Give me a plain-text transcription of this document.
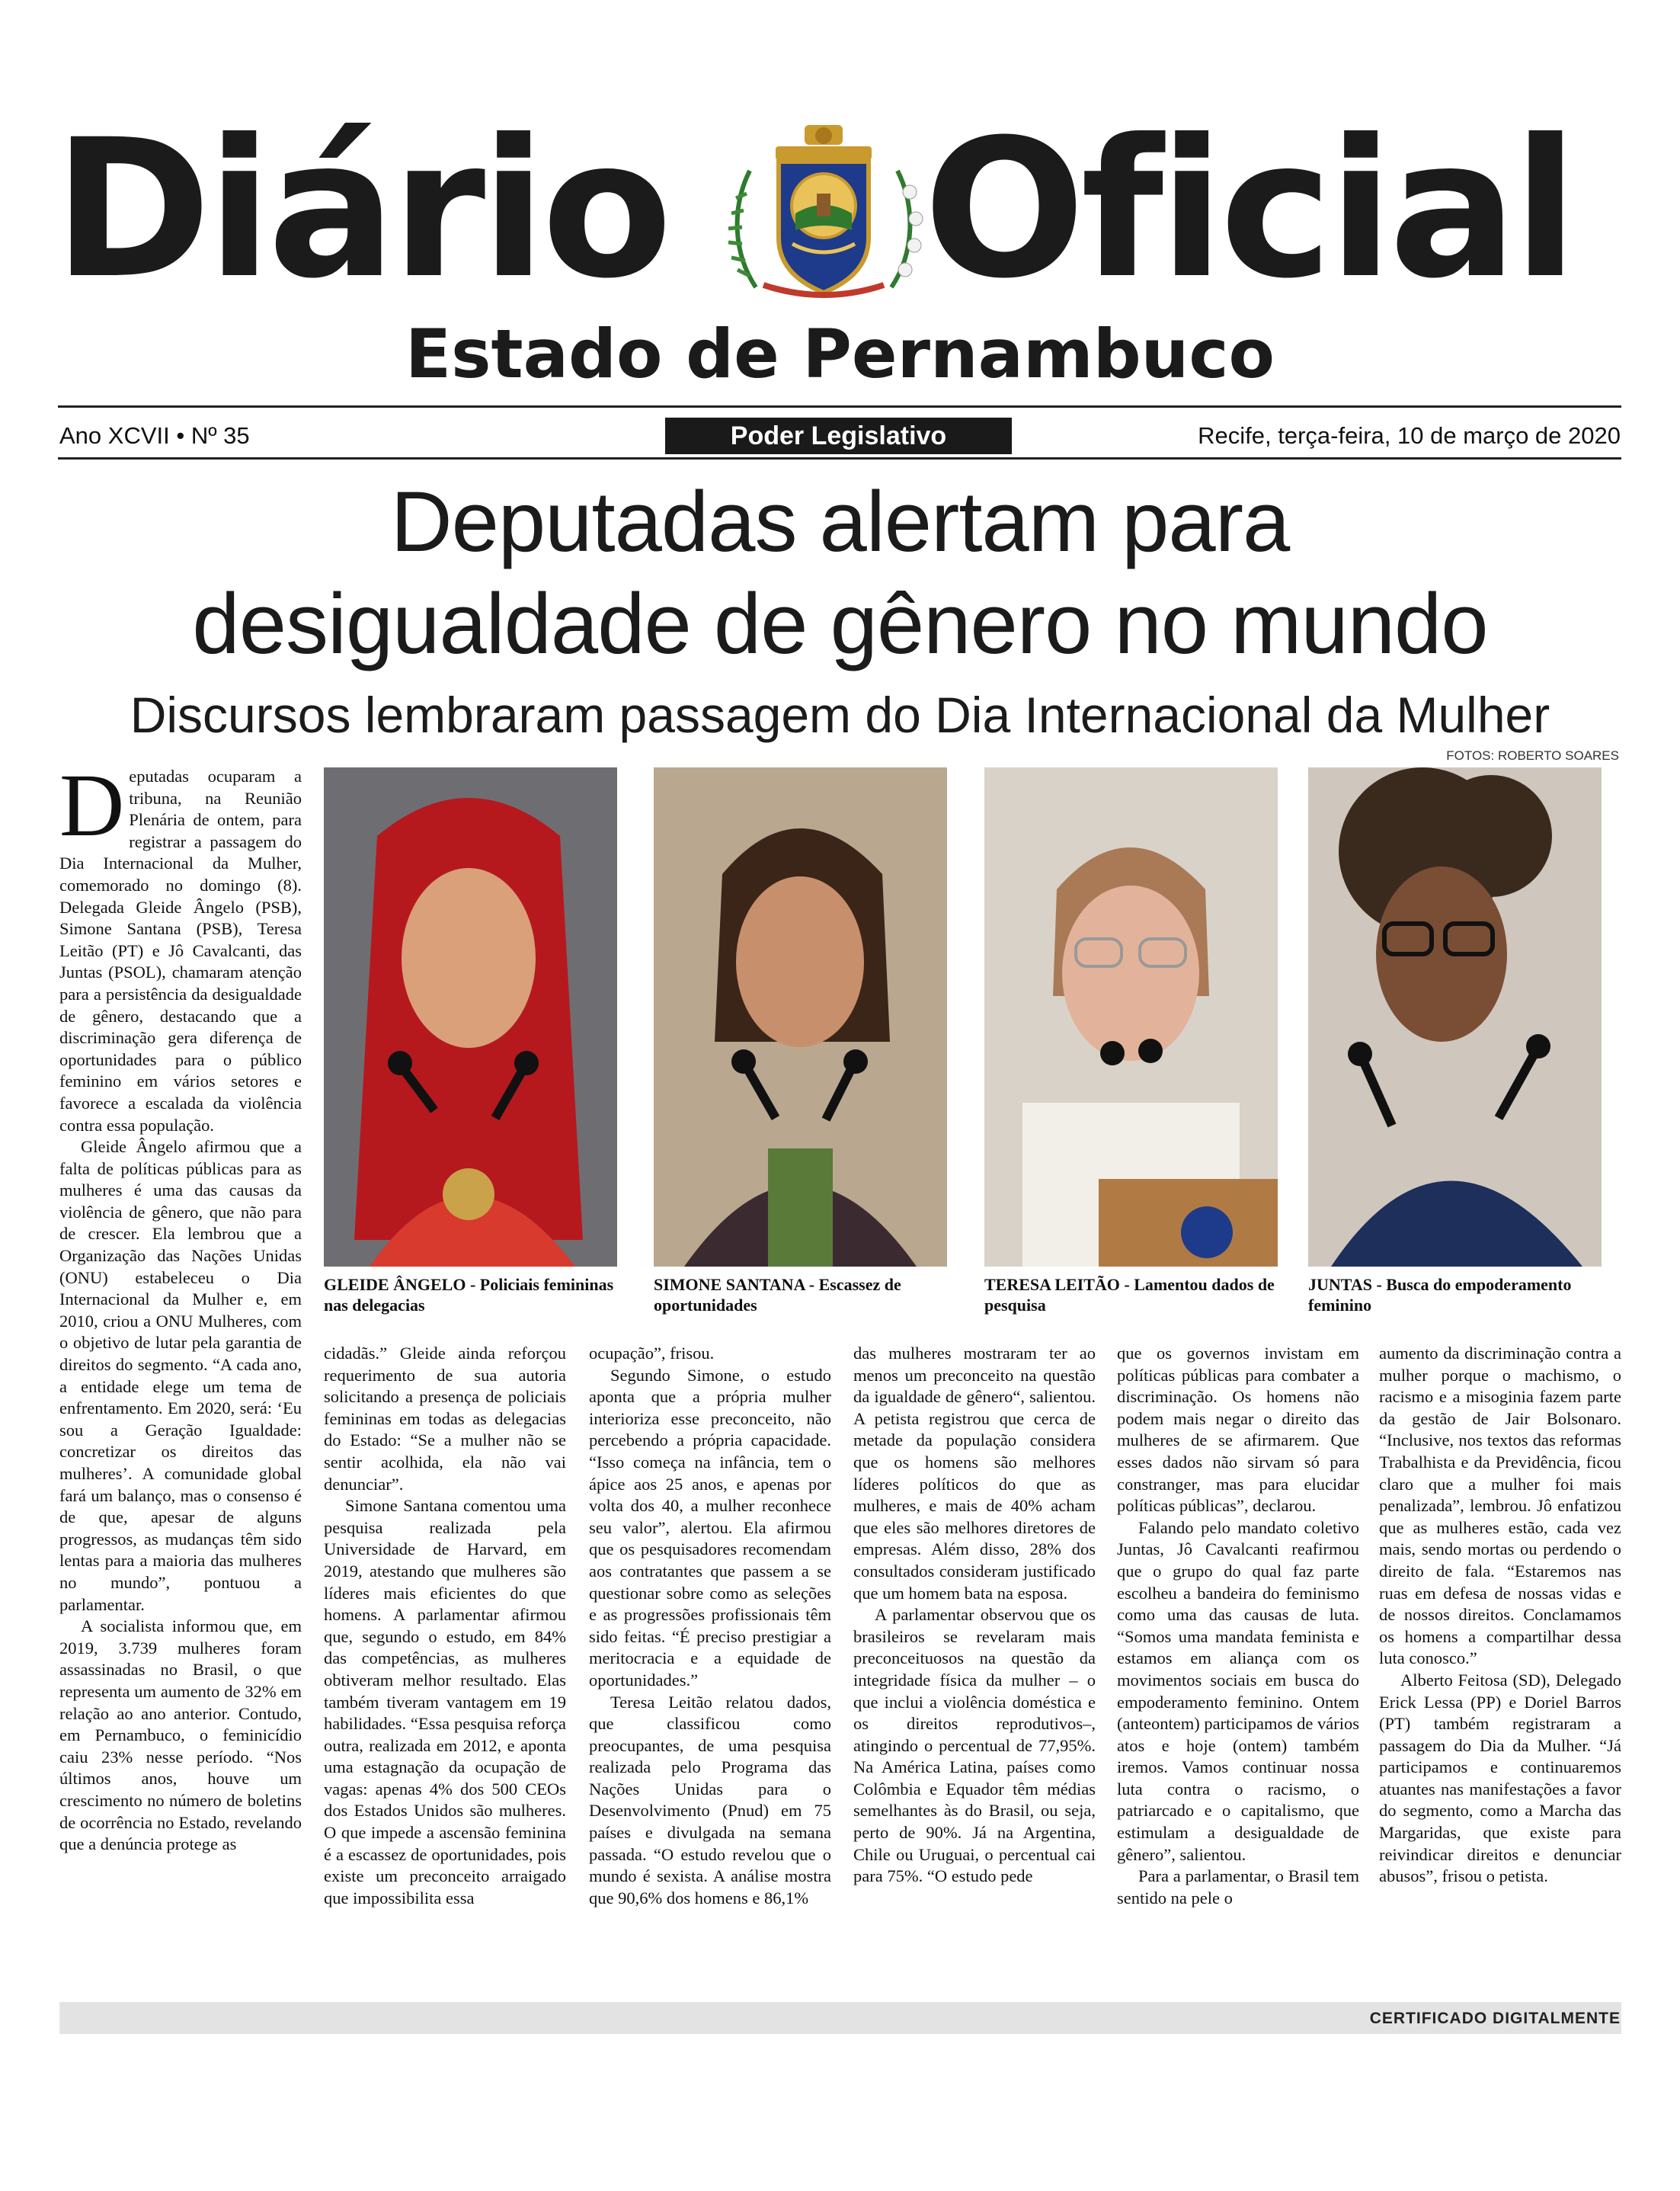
Diário Oficial
Estado de Pernambuco
Ano XCVII • Nº 35	Poder Legislativo	Recife, terça-feira, 10 de março de 2020
Deputadas alertam para
desigualdade de gênero no mundo
Discursos lembraram passagem do Dia Internacional da Mulher
FOTOS: ROBERTO SOARES
GLEIDE ÂNGELO - Policiais femininas nas delegacias
SIMONE SANTANA - Escassez de oportunidades
TERESA LEITÃO - Lamentou dados de pesquisa
JUNTAS - Busca do empoderamento feminino

Deputadas ocuparam a tribuna, na Reunião Plenária de ontem, para registrar a passagem do Dia Internacional da Mulher, comemorado no domingo (8). Delegada Gleide Ângelo (PSB), Simone Santana (PSB), Teresa Leitão (PT) e Jô Cavalcanti, das Juntas (PSOL), chamaram atenção para a persistência da desigualdade de gênero, destacando que a discriminação gera diferença de oportunidades para o público feminino em vários setores e favorece a escalada da violência contra essa população.

Gleide Ângelo afirmou que a falta de políticas públicas para as mulheres é uma das causas da violência de gênero, que não para de crescer. Ela lembrou que a Organização das Nações Unidas (ONU) estabeleceu o Dia Internacional da Mulher e, em 2010, criou a ONU Mulheres, com o objetivo de lutar pela garantia de direitos do segmento. “A cada ano, a entidade elege um tema de enfrentamento. Em 2020, será: ‘Eu sou a Geração Igualdade: concretizar os direitos das mulheres’. A comunidade global fará um balanço, mas o consenso é de que, apesar de alguns progressos, as mudanças têm sido lentas para a maioria das mulheres no mundo”, pontuou a parlamentar.

A socialista informou que, em 2019, 3.739 mulheres foram assassinadas no Brasil, o que representa um aumento de 32% em relação ao ano anterior. Contudo, em Pernambuco, o feminicídio caiu 23% nesse período. “Nos últimos anos, houve um crescimento no número de boletins de ocorrência no Estado, revelando que a denúncia protege as

cidadãs.” Gleide ainda reforçou requerimento de sua autoria solicitando a presença de policiais femininas em todas as delegacias do Estado: “Se a mulher não se sentir acolhida, ela não vai denunciar”.

Simone Santana comentou uma pesquisa realizada pela Universidade de Harvard, em 2019, atestando que mulheres são líderes mais eficientes do que homens. A parlamentar afirmou que, segundo o estudo, em 84% das competências, as mulheres obtiveram melhor resultado. Elas também tiveram vantagem em 19 habilidades. “Essa pesquisa reforça outra, realizada em 2012, e aponta uma estagnação da ocupação de vagas: apenas 4% dos 500 CEOs dos Estados Unidos são mulheres. O que impede a ascensão feminina é a escassez de oportunidades, pois existe um preconceito arraigado que impossibilita essa

ocupação”, frisou.

Segundo Simone, o estudo aponta que a própria mulher interioriza esse preconceito, não percebendo a própria capacidade. “Isso começa na infância, tem o ápice aos 25 anos, e apenas por volta dos 40, a mulher reconhece seu valor”, alertou. Ela afirmou que os pesquisadores recomendam aos contratantes que passem a se questionar sobre como as seleções e as progressões profissionais têm sido feitas. “É preciso prestigiar a meritocracia e a equidade de oportunidades.”

Teresa Leitão relatou dados, que classificou como preocupantes, de uma pesquisa realizada pelo Programa das Nações Unidas para o Desenvolvimento (Pnud) em 75 países e divulgada na semana passada. “O estudo revelou que o mundo é sexista. A análise mostra que 90,6% dos homens e 86,1%

das mulheres mostraram ter ao menos um preconceito na questão da igualdade de gênero“, salientou. A petista registrou que cerca de metade da população considera que os homens são melhores líderes políticos do que as mulheres, e mais de 40% acham que eles são melhores diretores de empresas. Além disso, 28% dos consultados consideram justificado que um homem bata na esposa.

A parlamentar observou que os brasileiros se revelaram mais preconceituosos na questão da integridade física da mulher – o que inclui a violência doméstica e os direitos reprodutivos–, atingindo o percentual de 77,95%. Na América Latina, países como Colômbia e Equador têm médias semelhantes às do Brasil, ou seja, perto de 90%. Já na Argentina, Chile ou Uruguai, o percentual cai para 75%. “O estudo pede

que os governos invistam em políticas públicas para combater a discriminação. Os homens não podem mais negar o direito das mulheres de se afirmarem. Que esses dados não sirvam só para constranger, mas para elucidar políticas públicas”, declarou.

Falando pelo mandato coletivo Juntas, Jô Cavalcanti reafirmou que o grupo do qual faz parte escolheu a bandeira do feminismo como uma das causas de luta. “Somos uma mandata feminista e estamos em aliança com os movimentos sociais em busca do empoderamento feminino. Ontem (anteontem) participamos de vários atos e hoje (ontem) também iremos. Vamos continuar nossa luta contra o racismo, o patriarcado e o capitalismo, que estimulam a desigualdade de gênero”, salientou.

Para a parlamentar, o Brasil tem sentido na pele o

aumento da discriminação contra a mulher porque o machismo, o racismo e a misoginia fazem parte da gestão de Jair Bolsonaro. “Inclusive, nos textos das reformas Trabalhista e da Previdência, ficou claro que a mulher foi mais penalizada”, lembrou. Jô enfatizou que as mulheres estão, cada vez mais, sendo mortas ou perdendo o direito de fala. “Estaremos nas ruas em defesa de nossas vidas e de nossos direitos. Conclamamos os homens a compartilhar dessa luta conosco.”

Alberto Feitosa (SD), Delegado Erick Lessa (PP) e Doriel Barros (PT) também registraram a passagem do Dia da Mulher. “Já participamos e continuaremos atuantes nas manifestações a favor do segmento, como a Marcha das Margaridas, que existe para reivindicar direitos e denunciar abusos”, frisou o petista.

CERTIFICADO DIGITALMENTE
